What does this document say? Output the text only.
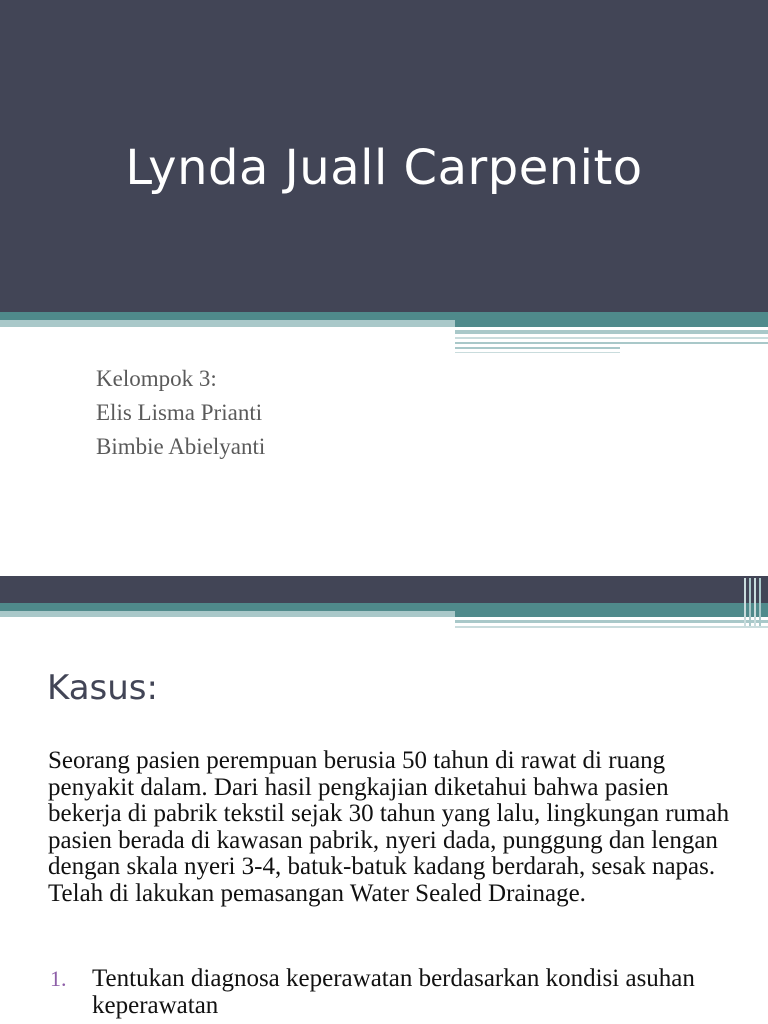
Lynda Juall Carpenito
Kelompok 3:
Elis Lisma Prianti
Bimbie Abielyanti
Kasus:
Seorang pasien perempuan berusia 50 tahun di rawat di ruang penyakit dalam. Dari hasil pengkajian diketahui bahwa pasien bekerja di pabrik tekstil sejak 30 tahun yang lalu, lingkungan rumah pasien berada di kawasan pabrik, nyeri dada, punggung dan lengan dengan skala nyeri 3-4, batuk-batuk kadang berdarah, sesak napas. Telah di lakukan pemasangan Water Sealed Drainage.
1. Tentukan diagnosa keperawatan berdasarkan kondisi asuhan keperawatan
